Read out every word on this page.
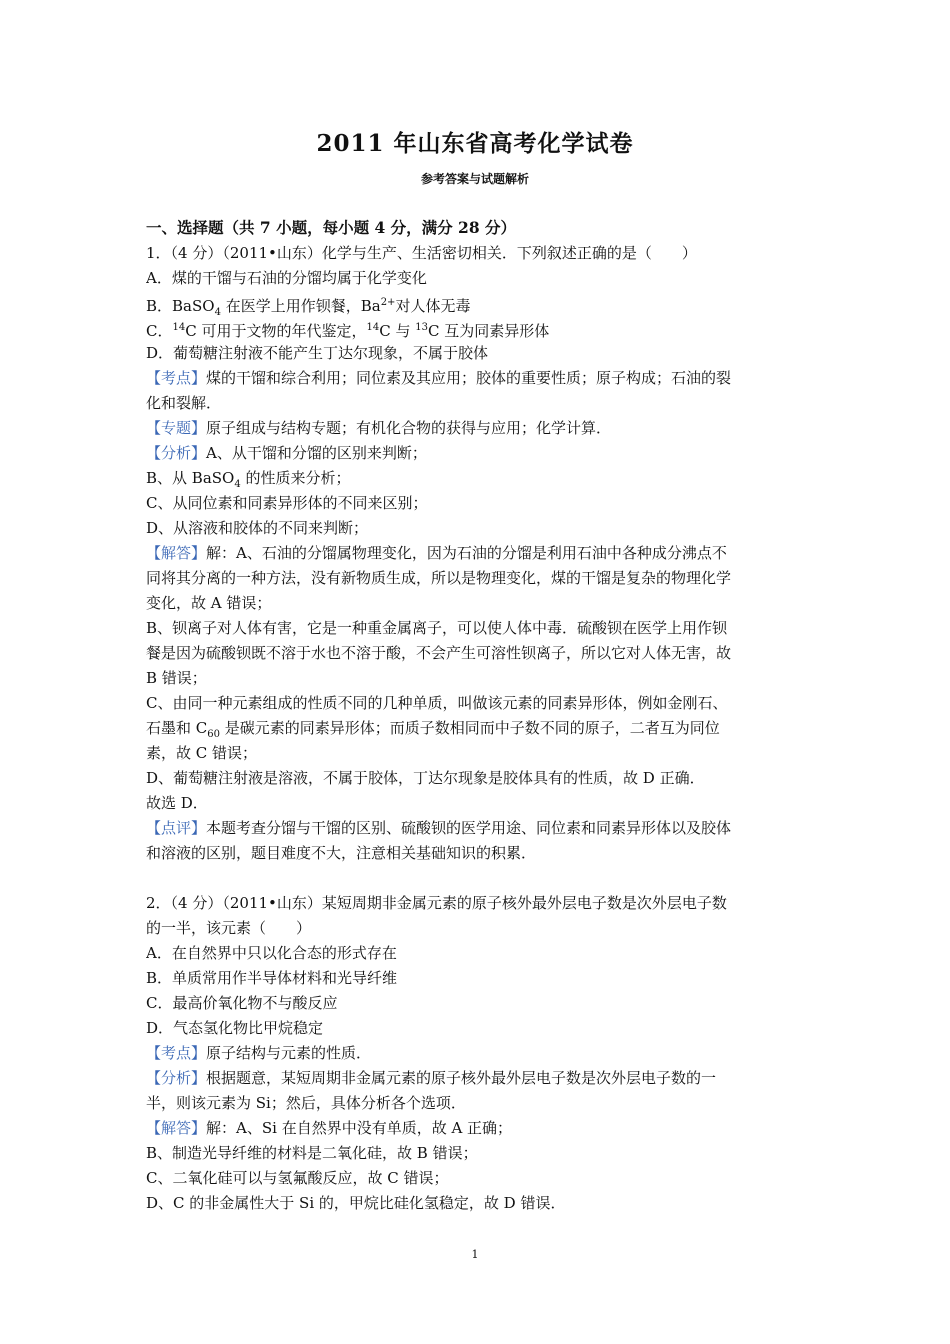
2011 年山东省高考化学试卷
参考答案与试题解析
一、选择题（共 7 小题，每小题 4 分，满分 28 分）
1．（4 分）（2011•山东）化学与生产、生活密切相关．下列叙述正确的是（　　）
A．煤的干馏与石油的分馏均属于化学变化
B．BaSO$_4$ 在医学上用作钡餐，$Ba^{2+}$对人体无毒
C．$^{14}$C 可用于文物的年代鉴定，$^{14}$C 与 $^{13}$C 互为同素异形体
D．葡萄糖注射液不能产生丁达尔现象，不属于胶体
【考点】煤的干馏和综合利用；同位素及其应用；胶体的重要性质；原子构成；石油的裂
化和裂解．
【专题】原子组成与结构专题；有机化合物的获得与应用；化学计算．
【分析】A、从干馏和分馏的区别来判断；
B、从 BaSO$_4$ 的性质来分析；
C、从同位素和同素异形体的不同来区别；
D、从溶液和胶体的不同来判断；
【解答】解：A、石油的分馏属物理变化，因为石油的分馏是利用石油中各种成分沸点不
同将其分离的一种方法，没有新物质生成，所以是物理变化，煤的干馏是复杂的物理化学
变化，故 A 错误；
B、钡离子对人体有害，它是一种重金属离子，可以使人体中毒．硫酸钡在医学上用作钡
餐是因为硫酸钡既不溶于水也不溶于酸，不会产生可溶性钡离子，所以它对人体无害，故
B 错误；
C、由同一种元素组成的性质不同的几种单质，叫做该元素的同素异形体，例如金刚石、
石墨和 $C_{60}$ 是碳元素的同素异形体；而质子数相同而中子数不同的原子，二者互为同位
素，故 C 错误；
D、葡萄糖注射液是溶液，不属于胶体，丁达尔现象是胶体具有的性质，故 D 正确．
故选 D．
【点评】本题考查分馏与干馏的区别、硫酸钡的医学用途、同位素和同素异形体以及胶体
和溶液的区别，题目难度不大，注意相关基础知识的积累．
2．（4 分）（2011•山东）某短周期非金属元素的原子核外最外层电子数是次外层电子数
的一半，该元素（　　）
A．在自然界中只以化合态的形式存在
B．单质常用作半导体材料和光导纤维
C．最高价氧化物不与酸反应
D．气态氢化物比甲烷稳定
【考点】原子结构与元素的性质．
【分析】根据题意，某短周期非金属元素的原子核外最外层电子数是次外层电子数的一
半，则该元素为 Si；然后，具体分析各个选项．
【解答】解：A、Si 在自然界中没有单质，故 A 正确；
B、制造光导纤维的材料是二氧化硅，故 B 错误；
C、二氧化硅可以与氢氟酸反应，故 C 错误；
D、C 的非金属性大于 Si 的，甲烷比硅化氢稳定，故 D 错误．
1
